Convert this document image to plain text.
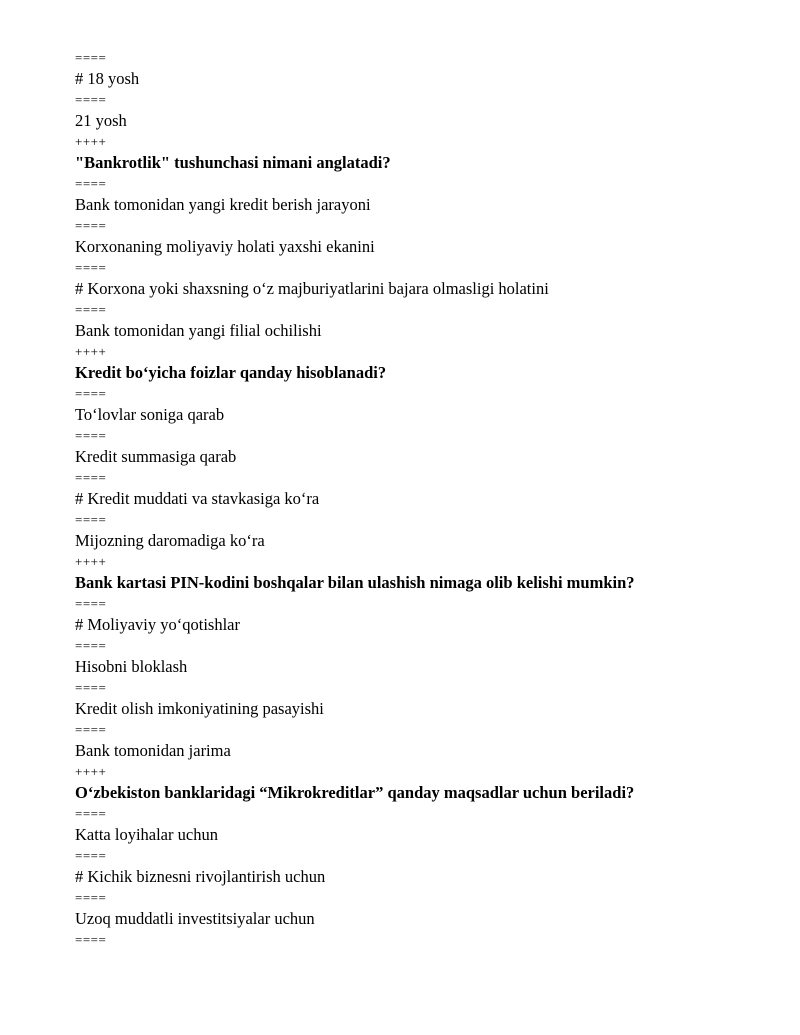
====
# 18 yosh
====
21 yosh
++++
"Bankrotlik" tushunchasi nimani anglatadi?
====
Bank tomonidan yangi kredit berish jarayoni
====
Korxonaning moliyaviy holati yaxshi ekanini
====
# Korxona yoki shaxsning o‘z majburiyatlarini bajara olmasligi holatini
====
Bank tomonidan yangi filial ochilishi
++++
Kredit bo‘yicha foizlar qanday hisoblanadi?
====
To‘lovlar soniga qarab
====
Kredit summasiga qarab
====
# Kredit muddati va stavkasiga ko‘ra
====
Mijozning daromadiga ko‘ra
++++
Bank kartasi PIN-kodini boshqalar bilan ulashish nimaga olib kelishi mumkin?
====
# Moliyaviy yo‘qotishlar
====
Hisobni bloklash
====
Kredit olish imkoniyatining pasayishi
====
Bank tomonidan jarima
++++
O‘zbekiston banklaridagi “Mikrokreditlar” qanday maqsadlar uchun beriladi?
====
Katta loyihalar uchun
====
# Kichik biznesni rivojlantirish uchun
====
Uzoq muddatli investitsiyalar uchun
====
